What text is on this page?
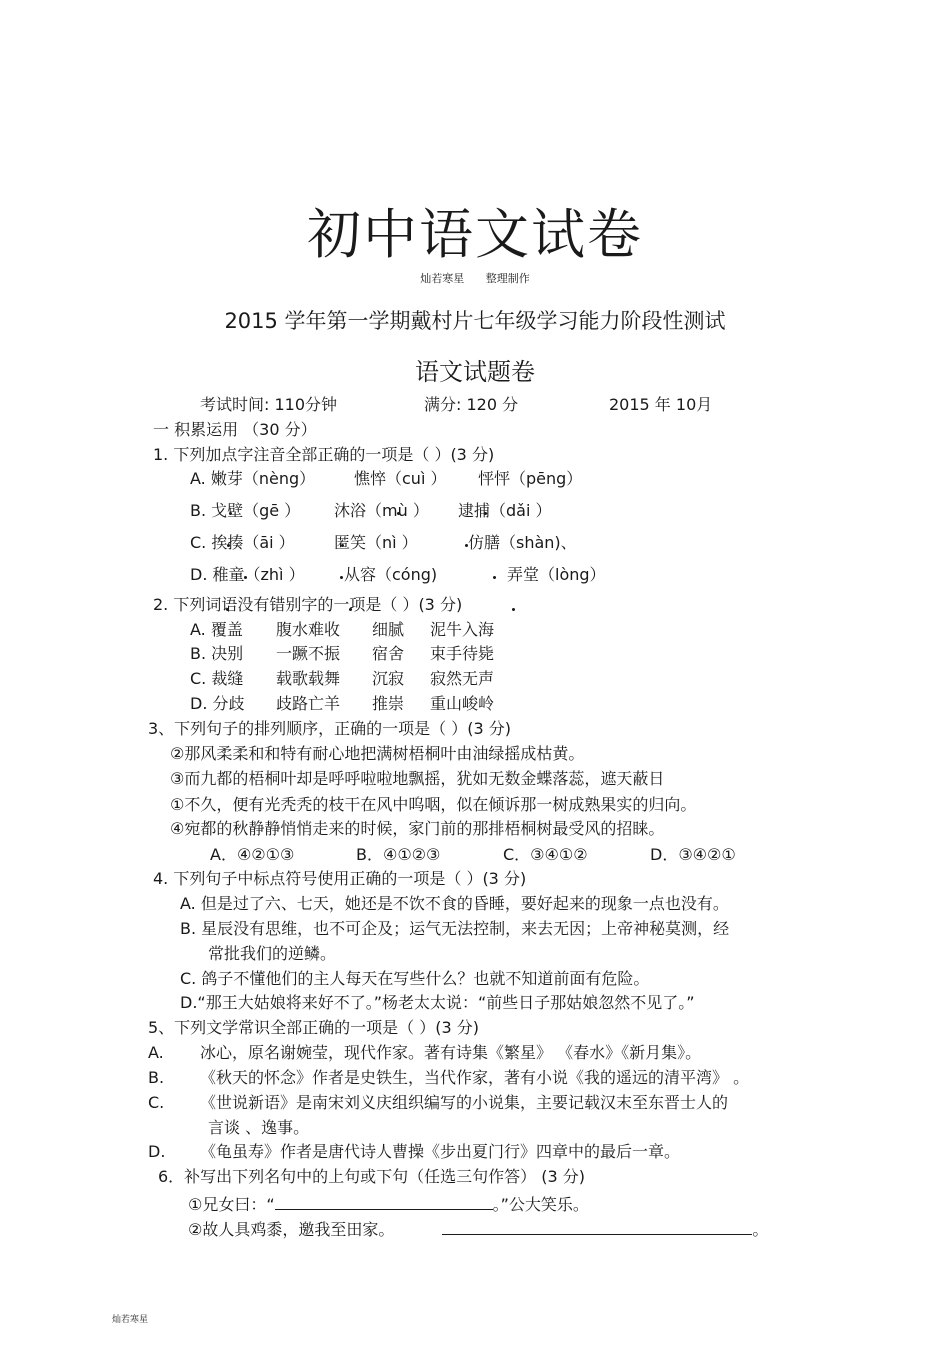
初中语文试卷
灿若寒星 整理制作
2015 学年第一学期戴村片七年级学习能力阶段性测试
语文试题卷
考试时间: 110分钟	满分: 120 分	2015 年 10月
一 积累运用 （30 分）
1. 下列加点字注音全部正确的一项是（ ）(3 分)
A. 嫩芽（nèng） 憔悴（cuì ） 怦怦（pēng）
B. 戈壁（gē ） 沐浴（mù ） 逮捕（dǎi ）
C. 挨揍（āi ） 匿笑（nì ）	仿膳（shàn)、
D. 稚童（zhì ） 从容（cóng)	弄堂（lòng）
2. 下列词语没有错别字的一项是（ ）(3 分)
A. 覆盖 腹水难收 细腻 泥牛入海
B. 决别 一蹶不振 宿舍 束手待毙
C. 裁缝 载歌载舞 沉寂 寂然无声
D. 分歧 歧路亡羊 推崇 重山峻岭
3、下列句子的排列顺序，正确的一项是（ ）(3 分)
②那风柔柔和和特有耐心地把满树梧桐叶由油绿摇成枯黄。
③而九都的梧桐叶却是呼呼啦啦地飘摇，犹如无数金蝶落蕊，遮天蔽日
①不久，便有光秃秃的枝干在风中呜咽，似在倾诉那一树成熟果实的归向。
④宛都的秋静静悄悄走来的时候，家门前的那排梧桐树最受风的招睐。
A．④②①③	B．④①②③	C．③④①②	D．③④②①
4. 下列句子中标点符号使用正确的一项是（ ）(3 分)
A. 但是过了六、七天，她还是不饮不食的昏睡，要好起来的现象一点也没有。
B. 星辰没有思维，也不可企及；运气无法控制，来去无因；上帝神秘莫测，经
常批我们的逆鳞。
C. 鸽子不懂他们的主人每天在写些什么？也就不知道前面有危险。
D.“那王大姑娘将来好不了。”杨老太太说：“前些日子那姑娘忽然不见了。”
5、下列文学常识全部正确的一项是（ ）(3 分)
A. 冰心，原名谢婉莹，现代作家。著有诗集《繁星》 《春水》《新月集》。
B. 《秋天的怀念》作者是史铁生，当代作家，著有小说《我的遥远的清平湾》 。
C. 《世说新语》是南宋刘义庆组织编写的小说集，主要记载汉末至东晋士人的
言谈 、逸事。
D. 《龟虽寿》作者是唐代诗人曹操《步出夏门行》四章中的最后一章。
6．补写出下列名句中的上句或下句（任选三句作答） (3 分)
①兄女曰：“	。”公大笑乐。
②故人具鸡黍，邀我至田家。	。
灿若寒星
